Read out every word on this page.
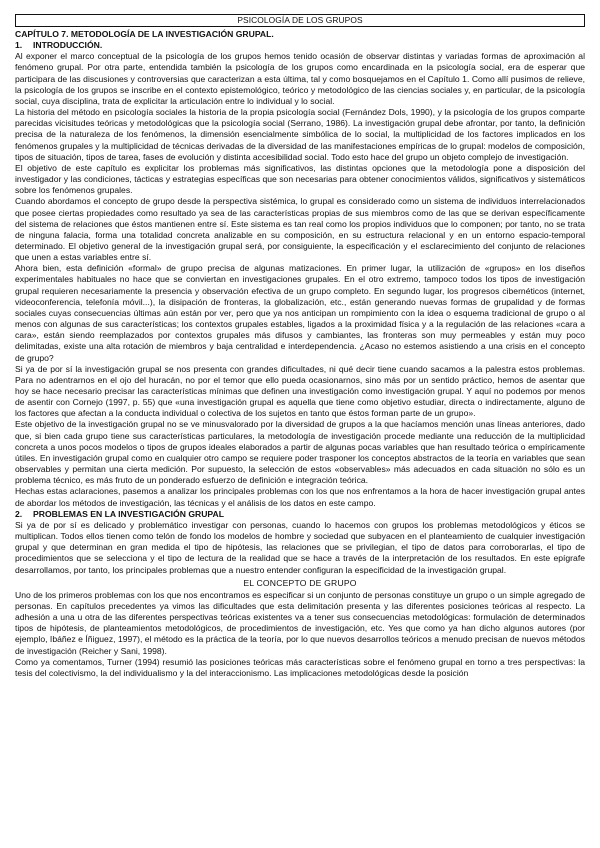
PSICOLOGÍA DE LOS GRUPOS
CAPÍTULO 7. METODOLOGÍA DE LA INVESTIGACIÓN GRUPAL.
1. INTRODUCCIÓN.

Al exponer el marco conceptual de la psicología de los grupos hemos tenido ocasión de observar distintas y variadas formas de aproximación al fenómeno grupal. Por otra parte, entendida también la psicología de los grupos como encardinada en la psicología social, era de esperar que participara de las discusiones y controversias que caracterizan a esta última, tal y como bosquejamos en el Capítulo 1. Como allí pusimos de relieve, la psicología de los grupos se inscribe en el contexto epistemológico, teórico y metodológico de las ciencias sociales y, en particular, de la psicología social, cuya disciplina, trata de explicitar la articulación entre lo individual y lo social.

La historia del método en psicología sociales la historia de la propia psicología social (Fernández Dols, 1990), y la psicología de los grupos comparte parecidas vicisitudes teóricas y metodológicas que la psicología social (Serrano, 1986). La investigación grupal debe afrontar, por tanto, la definición precisa de la naturaleza de los fenómenos, la dimensión esencialmente simbólica de lo social, la multiplicidad de los factores implicados en los fenómenos grupales y la multiplicidad de técnicas derivadas de la diversidad de las manifestaciones empíricas de lo grupal: modelos de composición, tipos de situación, tipos de tarea, fases de evolución y distinta accesibilidad social. Todo esto hace del grupo un objeto complejo de investigación.

El objetivo de este capítulo es explicitar los problemas más significativos, las distintas opciones que la metodología pone a disposición del investigador y las condiciones, tácticas y estrategias específicas que son necesarias para obtener conocimientos válidos, significativos y sistemáticos sobre los fenómenos grupales.

Cuando abordamos el concepto de grupo desde la perspectiva sistémica, lo grupal es considerado como un sistema de individuos interrelacionados que posee ciertas propiedades como resultado ya sea de las características propias de sus miembros como de las que se derivan específicamente del sistema de relaciones que éstos mantienen entre sí. Este sistema es tan real como los propios individuos que lo componen; por tanto, no se trata de ninguna falacia, forma una totalidad concreta analizable en su composición, en su estructura relacional y en un entorno espacio-temporal determinado. El objetivo general de la investigación grupal será, por consiguiente, la especificación y el esclarecimiento del conjunto de relaciones que unen a estas variables entre sí.

Ahora bien, esta definición «formal» de grupo precisa de algunas matizaciones. En primer lugar, la utilización de «grupos» en los diseños experimentales habituales no hace que se conviertan en investigaciones grupales. En el otro extremo, tampoco todos los tipos de investigación grupal requieren necesariamente la presencia y observación efectiva de un grupo completo. En segundo lugar, los progresos cibernéticos (internet, videoconferencia, telefonía móvil...), la disipación de fronteras, la globalización, etc., están generando nuevas formas de grupalidad y de formas sociales cuyas consecuencias últimas aún están por ver, pero que ya nos anticipan un rompimiento con la idea o esquema tradicional de grupo o al menos con algunas de sus características; los contextos grupales estables, ligados a la proximidad física y a la regulación de las relaciones «cara a cara», están siendo reemplazados por contextos grupales más difusos y cambiantes, las fronteras son muy permeables y están muy poco delimitadas, existe una alta rotación de miembros y baja centralidad e interdependencia. ¿Acaso no estemos asistiendo a una crisis en el concepto de grupo?

Si ya de por sí la investigación grupal se nos presenta con grandes dificultades, ni qué decir tiene cuando sacamos a la palestra estos problemas. Para no adentrarnos en el ojo del huracán, no por el temor que ello pueda ocasionarnos, sino más por un sentido práctico, hemos de asentar que hoy se hace necesario precisar las características mínimas que definen una investigación como investigación grupal. Y aquí no podemos por menos de asentir con Cornejo (1997, p. 55) que «una investigación grupal es aquella que tiene como objetivo estudiar, directa o indirectamente, alguno de los factores que afectan a la conducta individual o colectiva de los sujetos en tanto que éstos forman parte de un grupo».

Este objetivo de la investigación grupal no se ve minusvalorado por la diversidad de grupos a la que hacíamos mención unas líneas anteriores, dado que, si bien cada grupo tiene sus características particulares, la metodología de investigación procede mediante una reducción de la multiplicidad concreta a unos pocos modelos o tipos de grupos ideales elaborados a partir de algunas pocas variables que han resultado teórica o empíricamente útiles. En investigación grupal como en cualquier otro campo se requiere poder trasponer los conceptos abstractos de la teoría en variables que sean observables y permitan una cierta medición. Por supuesto, la selección de estos «observables» más adecuados en cada situación no sólo es un problema técnico, es más fruto de un ponderado esfuerzo de definición e integración teórica.

Hechas estas aclaraciones, pasemos a analizar los principales problemas con los que nos enfrentamos a la hora de hacer investigación grupal antes de abordar los métodos de investigación, las técnicas y el análisis de los datos en este campo.

2. PROBLEMAS EN LA INVESTIGACIÓN GRUPAL

Si ya de por sí es delicado y problemático investigar con personas, cuando lo hacemos con grupos los problemas metodológicos y éticos se multiplican. Todos ellos tienen como telón de fondo los modelos de hombre y sociedad que subyacen en el planteamiento de cualquier investigación grupal y que determinan en gran medida el tipo de hipótesis, las relaciones que se privilegian, el tipo de datos para corroborarlas, el tipo de procedimientos que se selecciona y el tipo de lectura de la realidad que se hace a través de la interpretación de los resultados. En este epígrafe desarrollamos, por tanto, los principales problemas que a nuestro entender configuran la especificidad de la investigación grupal.

EL CONCEPTO DE GRUPO

Uno de los primeros problemas con los que nos encontramos es especificar si un conjunto de personas constituye un grupo o un simple agregado de personas. En capítulos precedentes ya vimos las dificultades que esta delimitación presenta y las diferentes posiciones teóricas al respecto. La adhesión a una u otra de las diferentes perspectivas teóricas existentes va a tener sus consecuencias metodológicas: formulación de determinados tipos de hipótesis, de planteamientos metodológicos, de procedimientos de investigación, etc. Yes que como ya han dicho algunos autores (por ejemplo, Ibáñez e Íñiguez, 1997), el método es la práctica de la teoría, por lo que nuevos desarrollos teóricos a menudo precisan de nuevos métodos de investigación (Reicher y Sani, 1998).

Como ya comentamos, Turner (1994) resumió las posiciones teóricas más características sobre el fenómeno grupal en torno a tres perspectivas: la tesis del colectivismo, la del individualismo y la del interaccionismo. Las implicaciones metodológicas desde la posición
